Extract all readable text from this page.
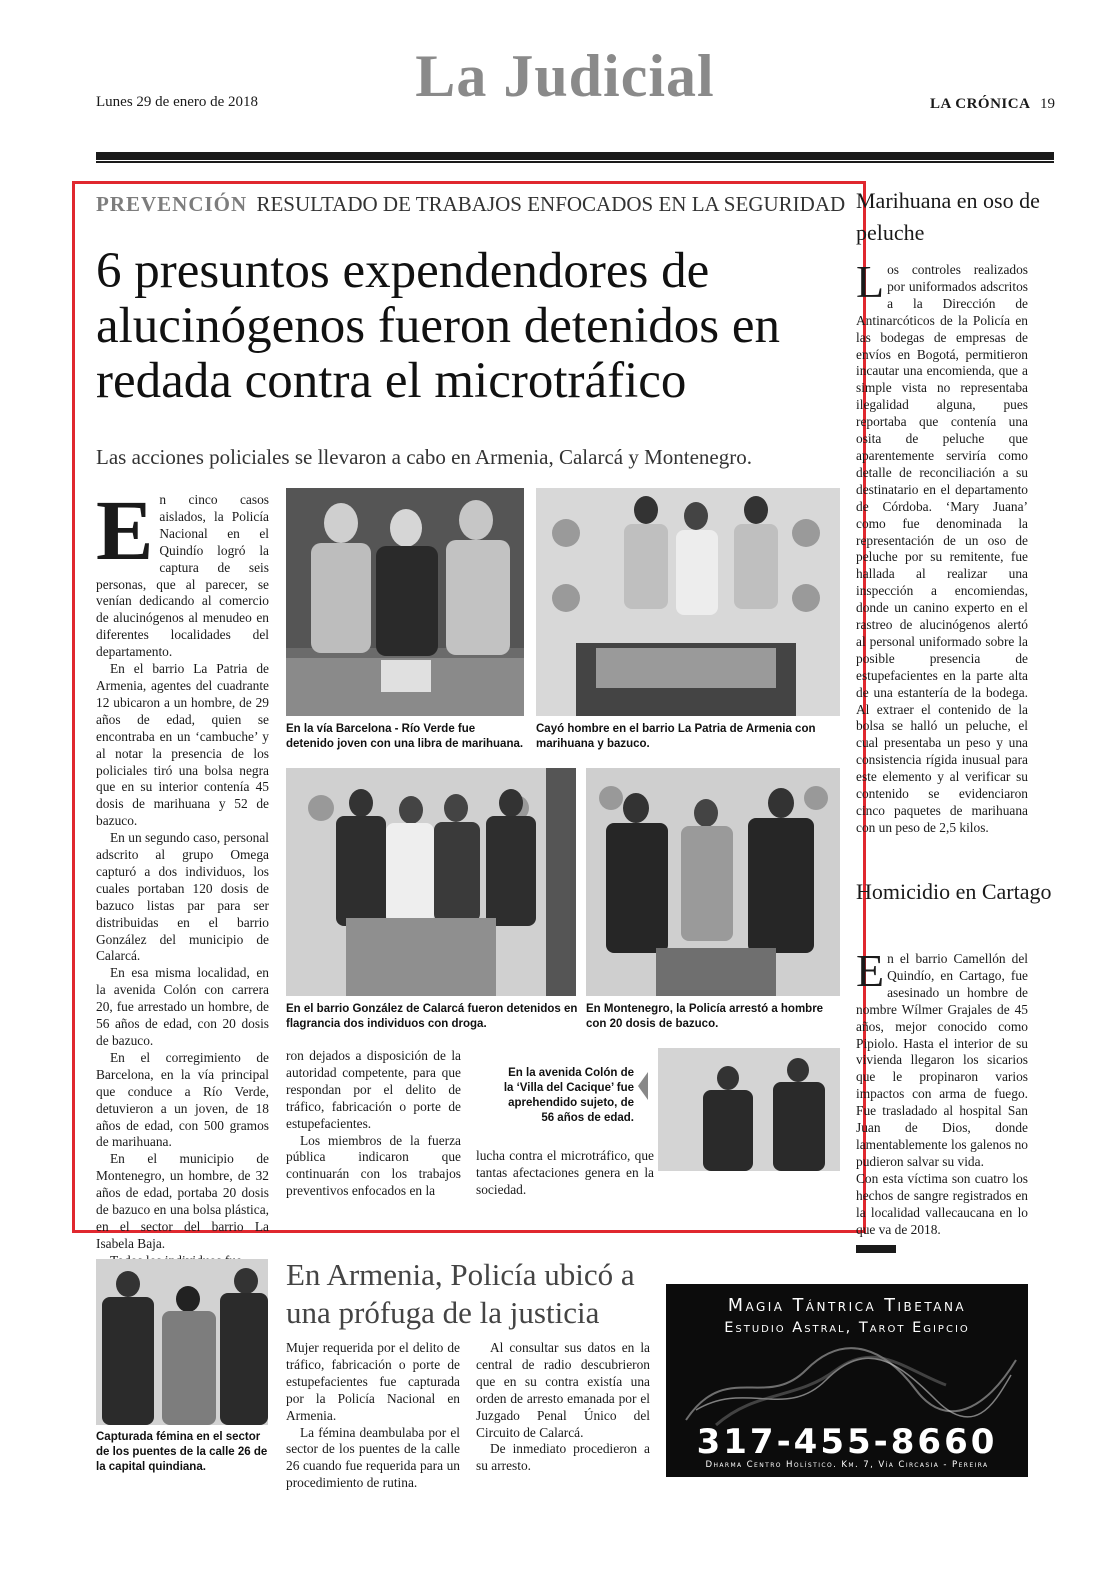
Lunes 29 de enero de 2018	La Judicial	LA CRÓNICA 19
PREVENCIÓN RESULTADO DE TRABAJOS ENFOCADOS EN LA SEGURIDAD
6 presuntos expendendores de alucinógenos fueron detenidos en redada contra el microtráfico
Las acciones policiales se llevaron a cabo en Armenia, Calarcá y Montenegro.

En cinco casos aislados, la Policía Nacional en el Quindío logró la captura de seis personas, que al parecer, se venían dedicando al comercio de alucinógenos al menudeo en diferentes localidades del departamento.

En el barrio La Patria de Armenia, agentes del cuadrante 12 ubicaron a un hombre, de 29 años de edad, quien se encontraba en un ‘cambuche’ y al notar la presencia de los policiales tiró una bolsa negra que en su interior contenía 45 dosis de marihuana y 52 de bazuco.

En un segundo caso, personal adscrito al grupo Omega capturó a dos individuos, los cuales portaban 120 dosis de bazuco listas par para ser distribuidas en el barrio González del municipio de Calarcá.

En esa misma localidad, en la avenida Colón con carrera 20, fue arrestado un hombre, de 56 años de edad, con 20 dosis de bazuco.

En el corregimiento de Barcelona, en la vía principal que conduce a Río Verde, detuvieron a un joven, de 18 años de edad, con 500 gramos de marihuana.

En el municipio de Montenegro, un hombre, de 32 años de edad, portaba 20 dosis de bazuco en una bolsa plástica, en el sector del barrio La Isabela Baja.

ron dejados a disposición de la autoridad competente, para que respondan por el delito de tráfico, fabricación o porte de estupefacientes.

Los miembros de la fuerza pública indicaron que continuarán con los trabajos preventivos enfocados en la

lucha contra el microtráfico, que tantas afectaciones genera en la sociedad.

En la vía Barcelona - Río Verde fue detenido joven con una libra de marihuana.
Cayó hombre en el barrio La Patria de Armenia con marihuana y bazuco.
En el barrio González de Calarcá fueron detenidos en flagrancia dos individuos con droga.
En Montenegro, la Policía arrestó a hombre con 20 dosis de bazuco.
En la avenida Colón de la ‘Villa del Cacique’ fue aprehendido sujeto, de 56 años de edad.
Marihuana en oso de peluche

Los controles realizados por uniformados adscritos a la Dirección de Antinarcóticos de la Policía en las bodegas de empresas de envíos en Bogotá, permitieron incautar una encomienda, que a simple vista no representaba ilegalidad alguna, pues reportaba que contenía una osita de peluche que aparentemente serviría como detalle de reconciliación a su destinatario en el departamento de Córdoba. ‘Mary Juana’ como fue denominada la representación de un oso de peluche por su remitente, fue hallada al realizar una inspección a encomiendas, donde un canino experto en el rastreo de alucinógenos alertó al personal uniformado sobre la posible presencia de estupefacientes en la parte alta de una estantería de la bodega. Al extraer el contenido de la bolsa se halló un peluche, el cual presentaba un peso y una consistencia rígida inusual para este elemento y al verificar su contenido se evidenciaron cinco paquetes de marihuana con un peso de 2,5 kilos.

Homicidio en Cartago

En el barrio Camellón del Quindío, en Cartago, fue asesinado un hombre de nombre Wílmer Grajales de 45 años, mejor conocido como Pipiolo. Hasta el interior de su vivienda llegaron los sicarios que le propinaron varios impactos con arma de fuego. Fue trasladado al hospital San Juan de Dios, donde lamentablemente los galenos no pudieron salvar su vida.

Con esta víctima son cuatro los hechos de sangre registrados en la localidad vallecaucana en lo que va de 2018.

Capturada fémina en el sector de los puentes de la calle 26 de la capital quindiana.
En Armenia, Policía ubicó a una prófuga de la justicia

Mujer requerida por el delito de tráfico, fabricación o porte de estupefacientes fue capturada por la Policía Nacional en Armenia.

La fémina deambulaba por el sector de los puentes de la calle 26 cuando fue requerida para un procedimiento de rutina.

Al consultar sus datos en la central de radio descubrieron que en su contra existía una orden de arresto emanada por el Juzgado Penal Único del Circuito de Calarcá.

De inmediato procedieron a su arresto.

Magia Tántrica Tibetana
Estudio Astral, Tarot Egipcio
317-455-8660
Dharma Centro Holístico. Km. 7, Vía Circasia - Pereira
